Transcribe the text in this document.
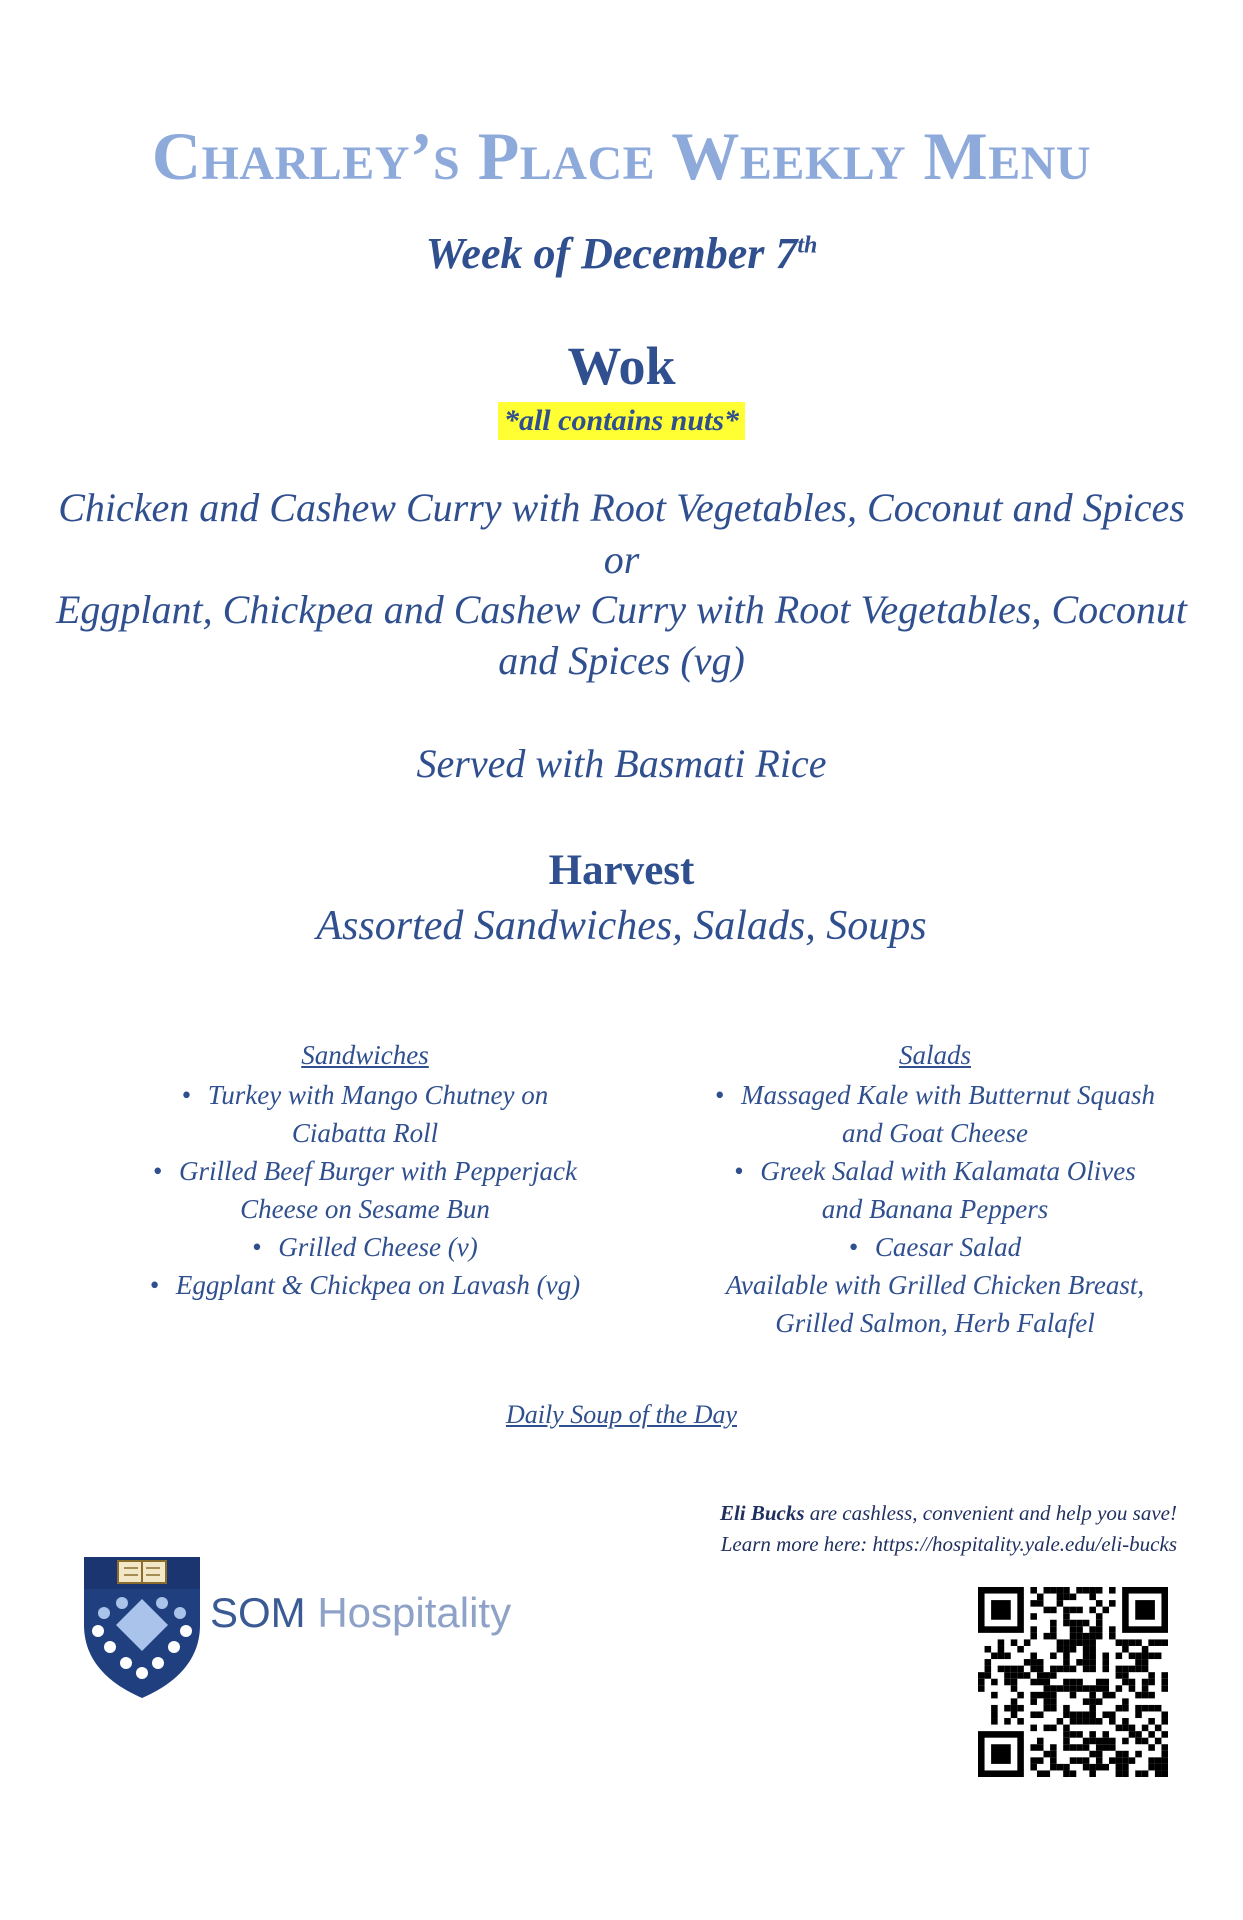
Charley’s Place Weekly Menu
Week of December 7th
Wok
*all contains nuts*
Chicken and Cashew Curry with Root Vegetables, Coconut and Spices
or
Eggplant, Chickpea and Cashew Curry with Root Vegetables, Coconut and Spices (vg)
Served with Basmati Rice
Harvest
Assorted Sandwiches, Salads, Soups
Sandwiches
• Turkey with Mango Chutney on
Ciabatta Roll
• Grilled Beef Burger with Pepperjack
Cheese on Sesame Bun
• Grilled Cheese (v)
• Eggplant & Chickpea on Lavash (vg)
Salads
• Massaged Kale with Butternut Squash
and Goat Cheese
• Greek Salad with Kalamata Olives
and Banana Peppers
• Caesar Salad
Available with Grilled Chicken Breast,
Grilled Salmon, Herb Falafel
Daily Soup of the Day
Eli Bucks are cashless, convenient and help you save!
Learn more here: https://hospitality.yale.edu/eli-bucks
SOM Hospitality
